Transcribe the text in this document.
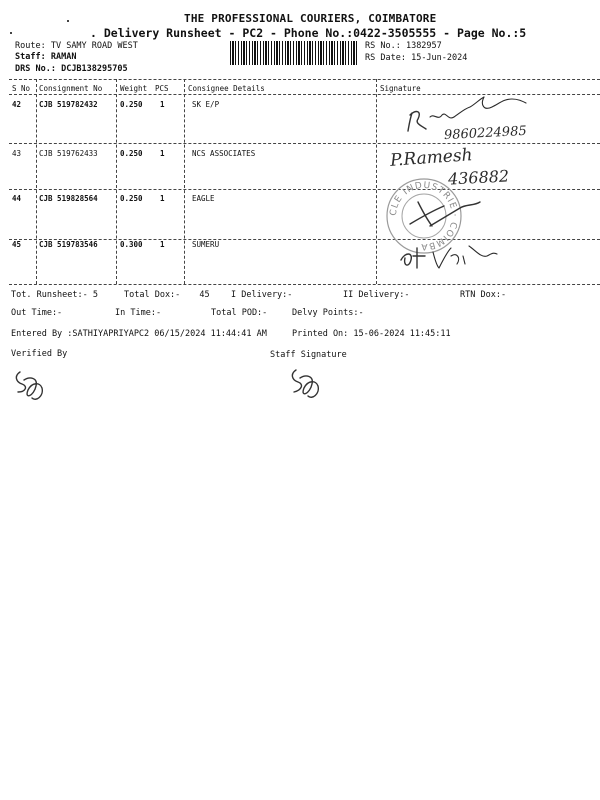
THE PROFESSIONAL COURIERS, COIMBATORE
. Delivery Runsheet - PC2 - Phone No.:0422-3505555 - Page No.:5
Route: TV SAMY ROAD WEST
Staff: RAMAN
DRS No.: DCJB138295705
RS No.: 1382957
RS Date: 15-Jun-2024
S No Consignment No Weight PCS	Consignee Details	Signature
42 CJB 519782432	0.250 1	SK E/P
43 CJB 519762433	0.250 1	NCS ASSOCIATES
44 CJB 519828564	0.250 1	EAGLE
45 CJB 519783546	0.300 1	SUMERU
9860224985
P.Ramesh
436882
CLE INDUSTRIE · COIMBA
Tot. Runsheet:- 5	Total Dox:- 45	I Delivery:-	II Delivery:-	RTN Dox:-
Out Time:-	In Time:-	Total POD:-	Delvy Points:-
Entered By :SATHIYAPRIYAPC2 06/15/2024 11:44:41 AM	Printed On: 15-06-2024 11:45:11
Verified By	Staff Signature
